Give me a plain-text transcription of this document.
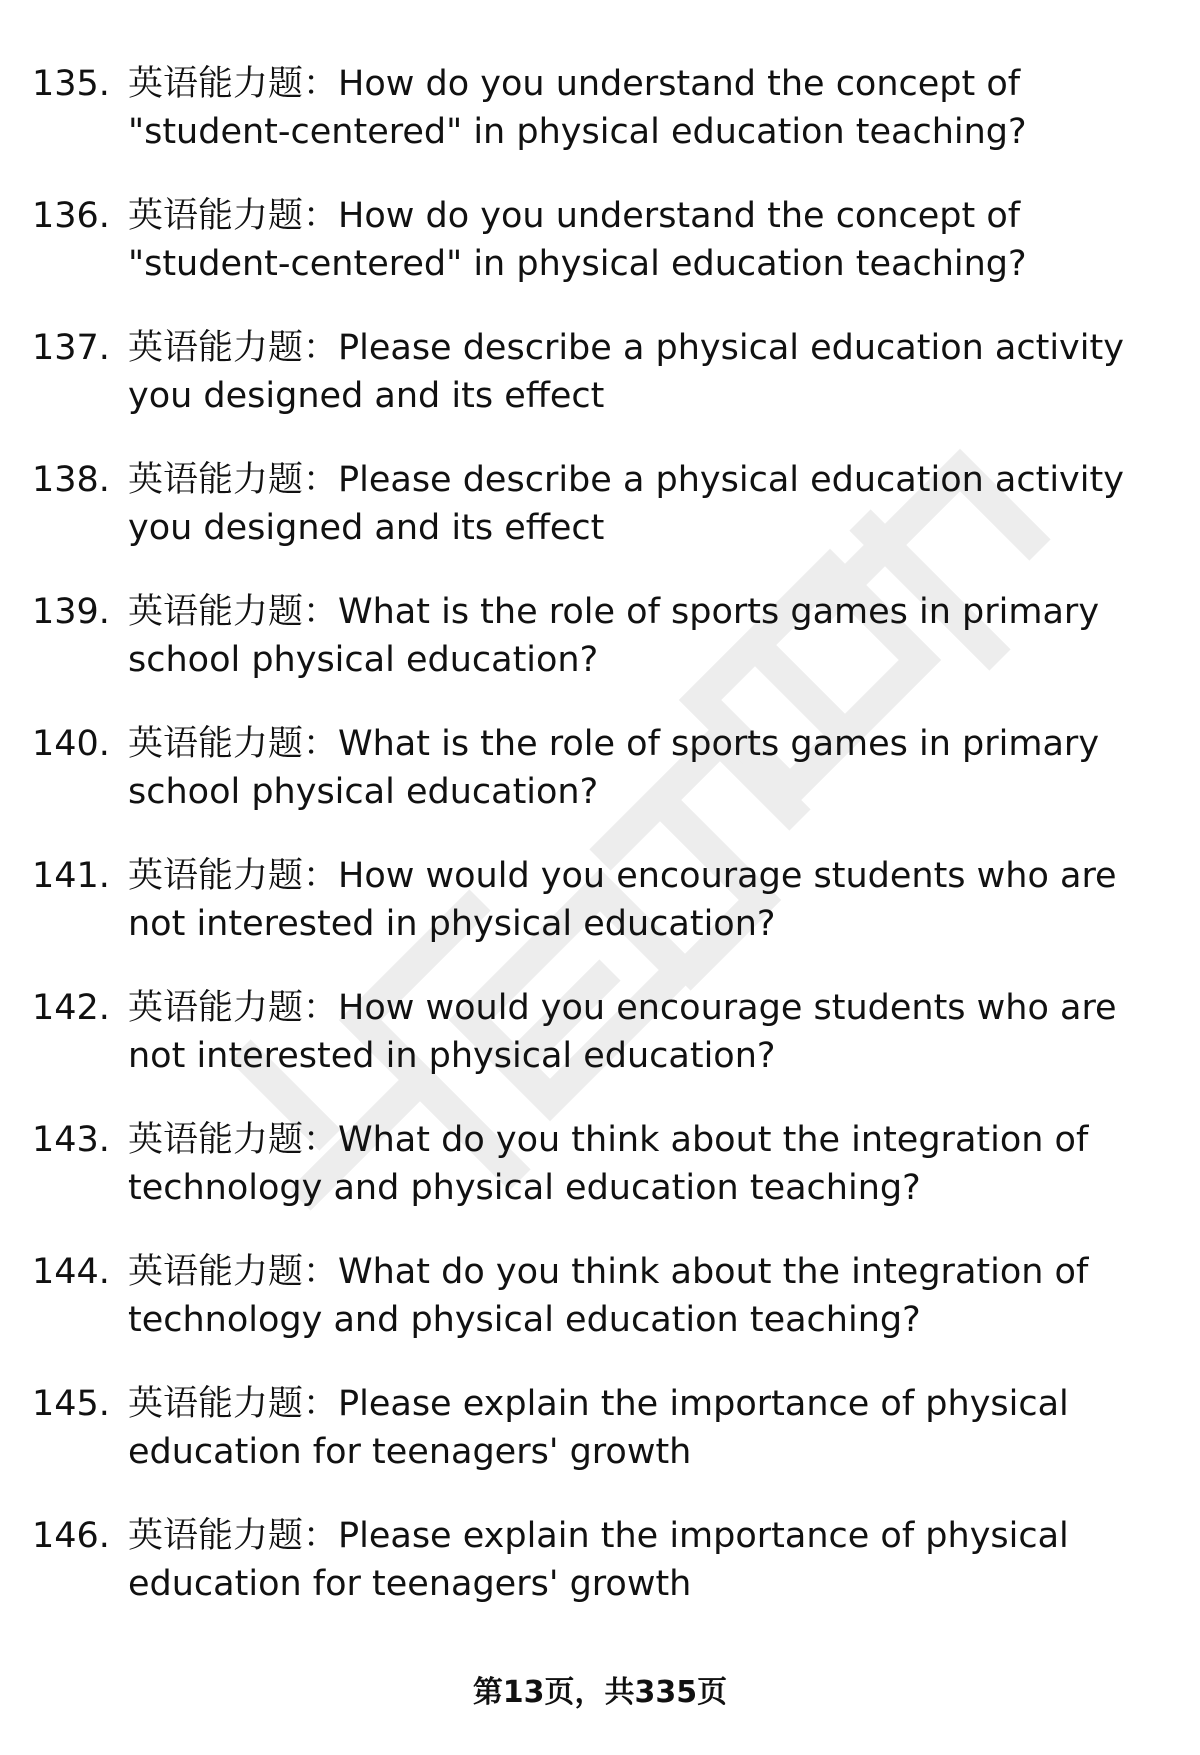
135. 英语能力题：How do you understand the concept of "student-centered" in physical education teaching?
136. 英语能力题：How do you understand the concept of "student-centered" in physical education teaching?
137. 英语能力题：Please describe a physical education activity you designed and its effect
138. 英语能力题：Please describe a physical education activity you designed and its effect
139. 英语能力题：What is the role of sports games in primary school physical education?
140. 英语能力题：What is the role of sports games in primary school physical education?
141. 英语能力题：How would you encourage students who are not interested in physical education?
142. 英语能力题：How would you encourage students who are not interested in physical education?
143. 英语能力题：What do you think about the integration of technology and physical education teaching?
144. 英语能力题：What do you think about the integration of technology and physical education teaching?
145. 英语能力题：Please explain the importance of physical education for teenagers' growth
146. 英语能力题：Please explain the importance of physical education for teenagers' growth
第13页，共335页
